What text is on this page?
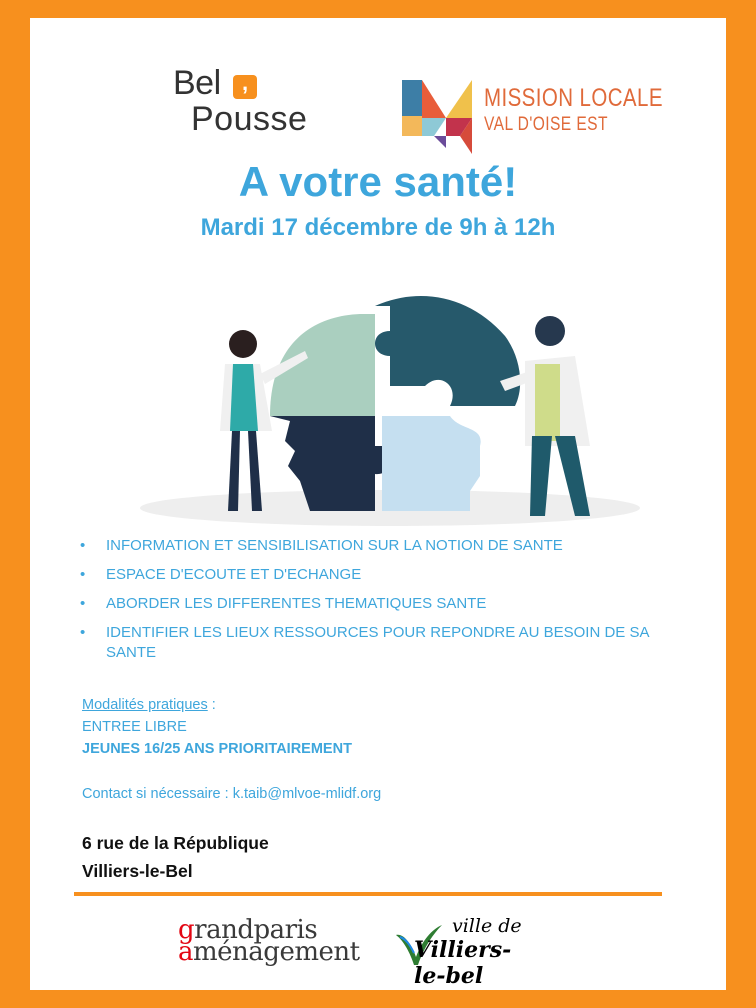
Bel ,
Pousse
MISSION LOCALE
VAL D'OISE EST
A votre santé!
Mardi 17 décembre de 9h à 12h
• INFORMATION ET SENSIBILISATION SUR LA NOTION DE SANTE
• ESPACE D'ECOUTE ET D'ECHANGE
• ABORDER LES DIFFERENTES THEMATIQUES SANTE
• IDENTIFIER LES LIEUX RESSOURCES POUR REPONDRE AU BESOIN DE SA SANTE
Modalités pratiques :
ENTREE LIBRE
JEUNES 16/25 ANS PRIORITAIREMENT
Contact si nécessaire : k.taib@mlvoe-mlidf.org
6 rue de la République
Villiers-le-Bel
grandparis
aménagement
ville de
Villiers-le-bel
